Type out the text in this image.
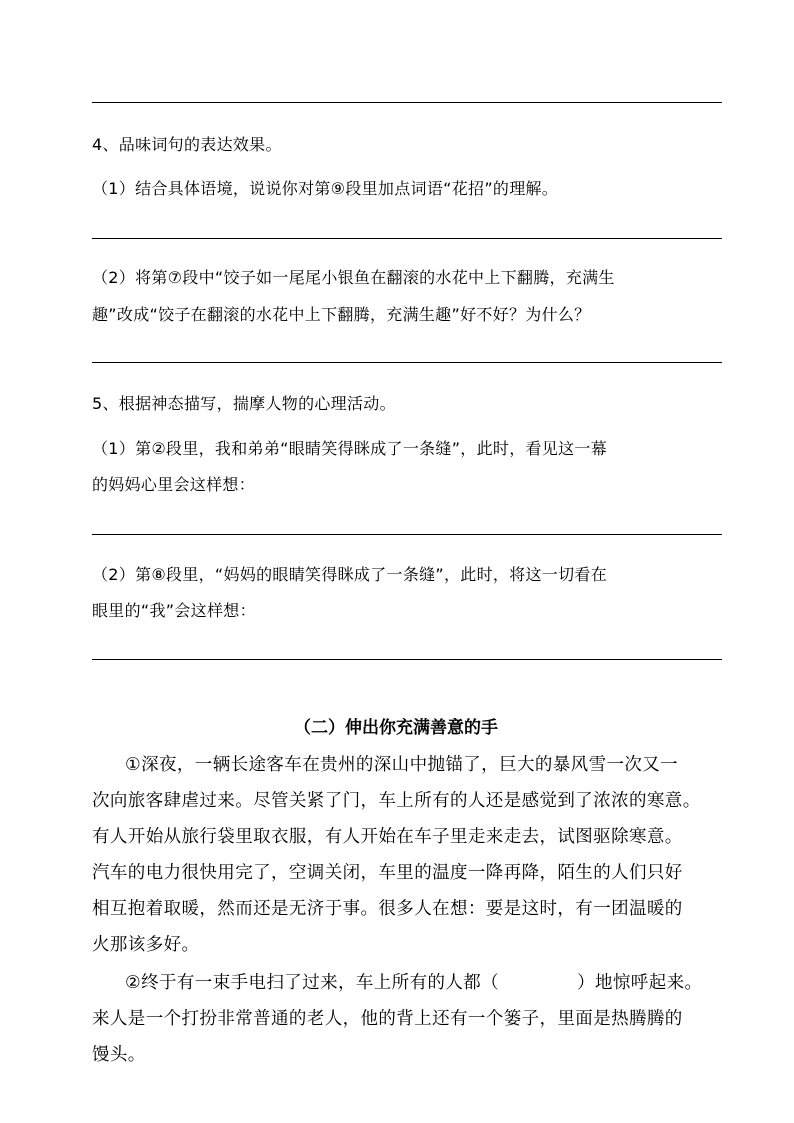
4、品味词句的表达效果。
（1）结合具体语境，说说你对第⑨段里加点词语“花招”的理解。
（2）将第⑦段中“饺子如一尾尾小银鱼在翻滚的水花中上下翻腾，充满生
趣”改成“饺子在翻滚的水花中上下翻腾，充满生趣”好不好？为什么？
5、根据神态描写，揣摩人物的心理活动。
（1）第②段里，我和弟弟“眼睛笑得眯成了一条缝”，此时，看见这一幕
的妈妈心里会这样想：
（2）第⑧段里，“妈妈的眼睛笑得眯成了一条缝”，此时，将这一切看在
眼里的“我”会这样想：
（二）伸出你充满善意的手
①深夜，一辆长途客车在贵州的深山中抛锚了，巨大的暴风雪一次又一
次向旅客肆虐过来。尽管关紧了门，车上所有的人还是感觉到了浓浓的寒意。
有人开始从旅行袋里取衣服，有人开始在车子里走来走去，试图驱除寒意。
汽车的电力很快用完了，空调关闭，车里的温度一降再降，陌生的人们只好
相互抱着取暖，然而还是无济于事。很多人在想：要是这时，有一团温暖的
火那该多好。
②终于有一束手电扫了过来，车上所有的人都（	）地惊呼起来。
来人是一个打扮非常普通的老人，他的背上还有一个篓子，里面是热腾腾的
馒头。
